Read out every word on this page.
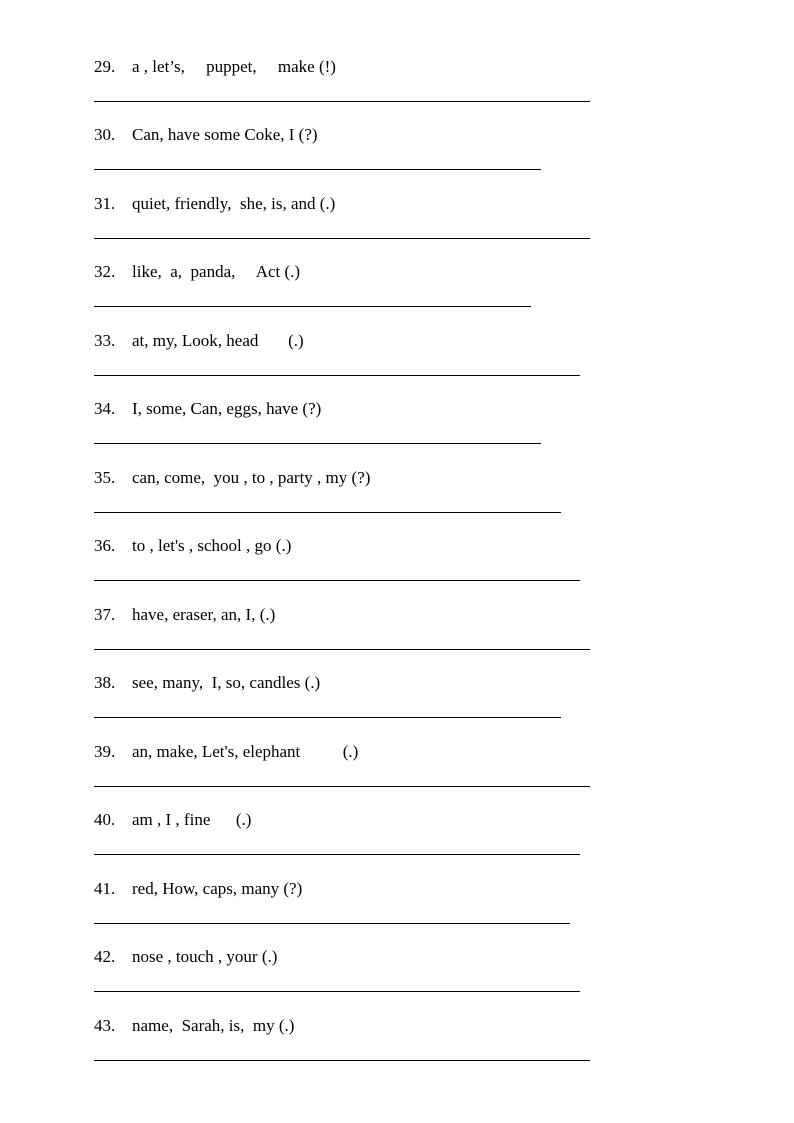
29. a , let’s,     puppet,     make (!)
30. Can, have some Coke, I (?)
31. quiet, friendly,  she, is, and (.)
32. like,  a,  panda,     Act (.)
33. at, my, Look, head       (.)
34. I, some, Can, eggs, have (?)
35. can, come,  you , to , party , my (?)
36. to , let's , school , go (.)
37. have, eraser, an, I, (.)
38. see, many,  I, so, candles (.)
39. an, make, Let's, elephant          (.)
40. am , I , fine      (.)
41. red, How, caps, many (?)
42. nose , touch , your (.)
43. name,  Sarah, is,  my (.)
